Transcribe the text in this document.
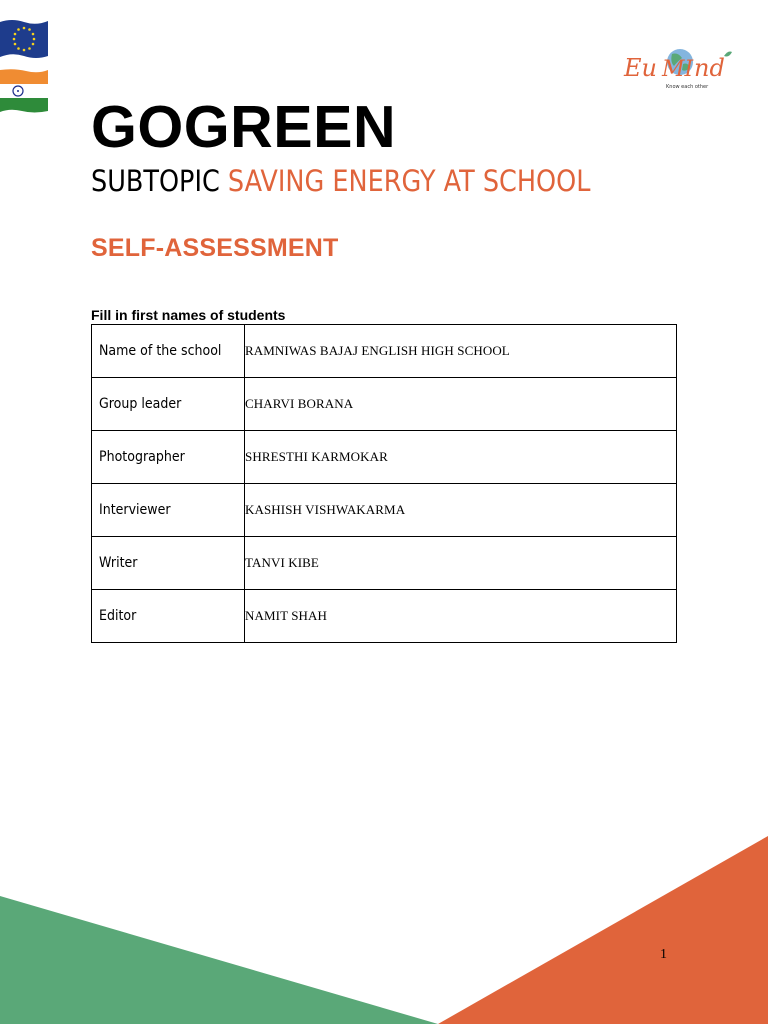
Eu nd
MI
Know each other
GOGREEN
SUBTOPIC SAVING ENERGY AT SCHOOL
SELF-ASSESSMENT

Fill in first names of students

Name of the school	RAMNIWAS BAJAJ ENGLISH HIGH SCHOOL
Group leader	CHARVI BORANA
Photographer	SHRESTHI KARMOKAR
Interviewer	KASHISH VISHWAKARMA
Writer	TANVI KIBE
Editor	NAMIT SHAH
1
